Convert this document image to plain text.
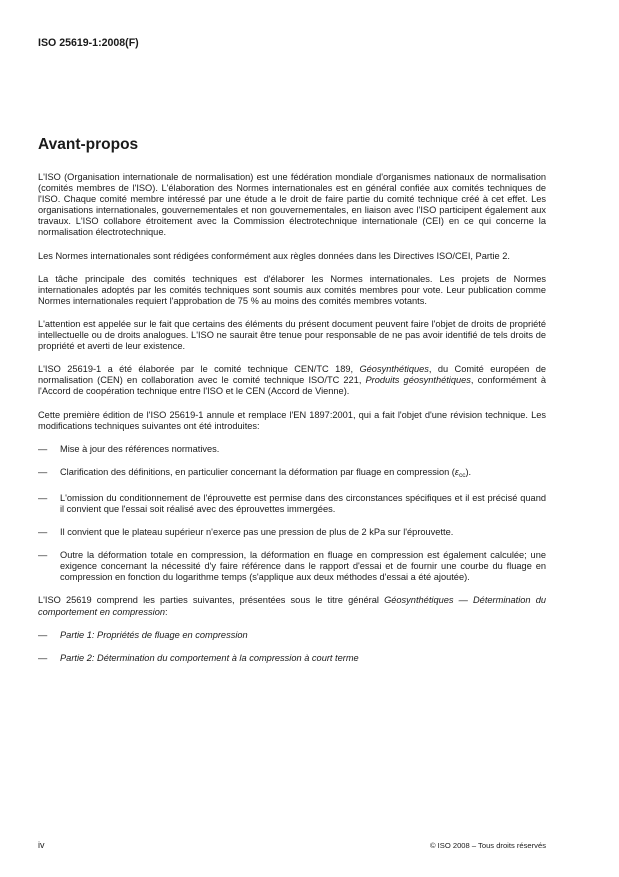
ISO 25619-1:2008(F)
Avant-propos

L'ISO (Organisation internationale de normalisation) est une fédération mondiale d'organismes nationaux de normalisation (comités membres de l'ISO). L'élaboration des Normes internationales est en général confiée aux comités techniques de l'ISO. Chaque comité membre intéressé par une étude a le droit de faire partie du comité technique créé à cet effet. Les organisations internationales, gouvernementales et non gouvernementales, en liaison avec l'ISO participent également aux travaux. L'ISO collabore étroitement avec la Commission électrotechnique internationale (CEI) en ce qui concerne la normalisation électrotechnique.

Les Normes internationales sont rédigées conformément aux règles données dans les Directives ISO/CEI, Partie 2.

La tâche principale des comités techniques est d'élaborer les Normes internationales. Les projets de Normes internationales adoptés par les comités techniques sont soumis aux comités membres pour vote. Leur publication comme Normes internationales requiert l'approbation de 75 % au moins des comités membres votants.

L'attention est appelée sur le fait que certains des éléments du présent document peuvent faire l'objet de droits de propriété intellectuelle ou de droits analogues. L'ISO ne saurait être tenue pour responsable de ne pas avoir identifié de tels droits de propriété et averti de leur existence.

L'ISO 25619-1 a été élaborée par le comité technique CEN/TC 189, Géosynthétiques, du Comité européen de normalisation (CEN) en collaboration avec le comité technique ISO/TC 221, Produits géosynthétiques, conformément à l'Accord de coopération technique entre l'ISO et le CEN (Accord de Vienne).

Cette première édition de l'ISO 25619-1 annule et remplace l'EN 1897:2001, qui a fait l'objet d'une révision technique. Les modifications techniques suivantes ont été introduites:

—	Mise à jour des références normatives.
—	Clarification des définitions, en particulier concernant la déformation par fluage en compression $(\varepsilon_{cc})$.
—	L'omission du conditionnement de l'éprouvette est permise dans des circonstances spécifiques et il est précisé quand il convient que l'essai soit réalisé avec des éprouvettes immergées.
—	Il convient que le plateau supérieur n'exerce pas une pression de plus de 2 kPa sur l'éprouvette.
—	Outre la déformation totale en compression, la déformation en fluage en compression est également calculée; une exigence concernant la nécessité d'y faire référence dans le rapport d'essai et de fournir une courbe du fluage en compression en fonction du logarithme temps (s'applique aux deux méthodes d'essai a été ajoutée).

L'ISO 25619 comprend les parties suivantes, présentées sous le titre général Géosynthétiques — Détermination du comportement en compression:

—	Partie 1: Propriétés de fluage en compression
—	Partie 2: Détermination du comportement à la compression à court terme
iv	© ISO 2008 – Tous droits réservés
